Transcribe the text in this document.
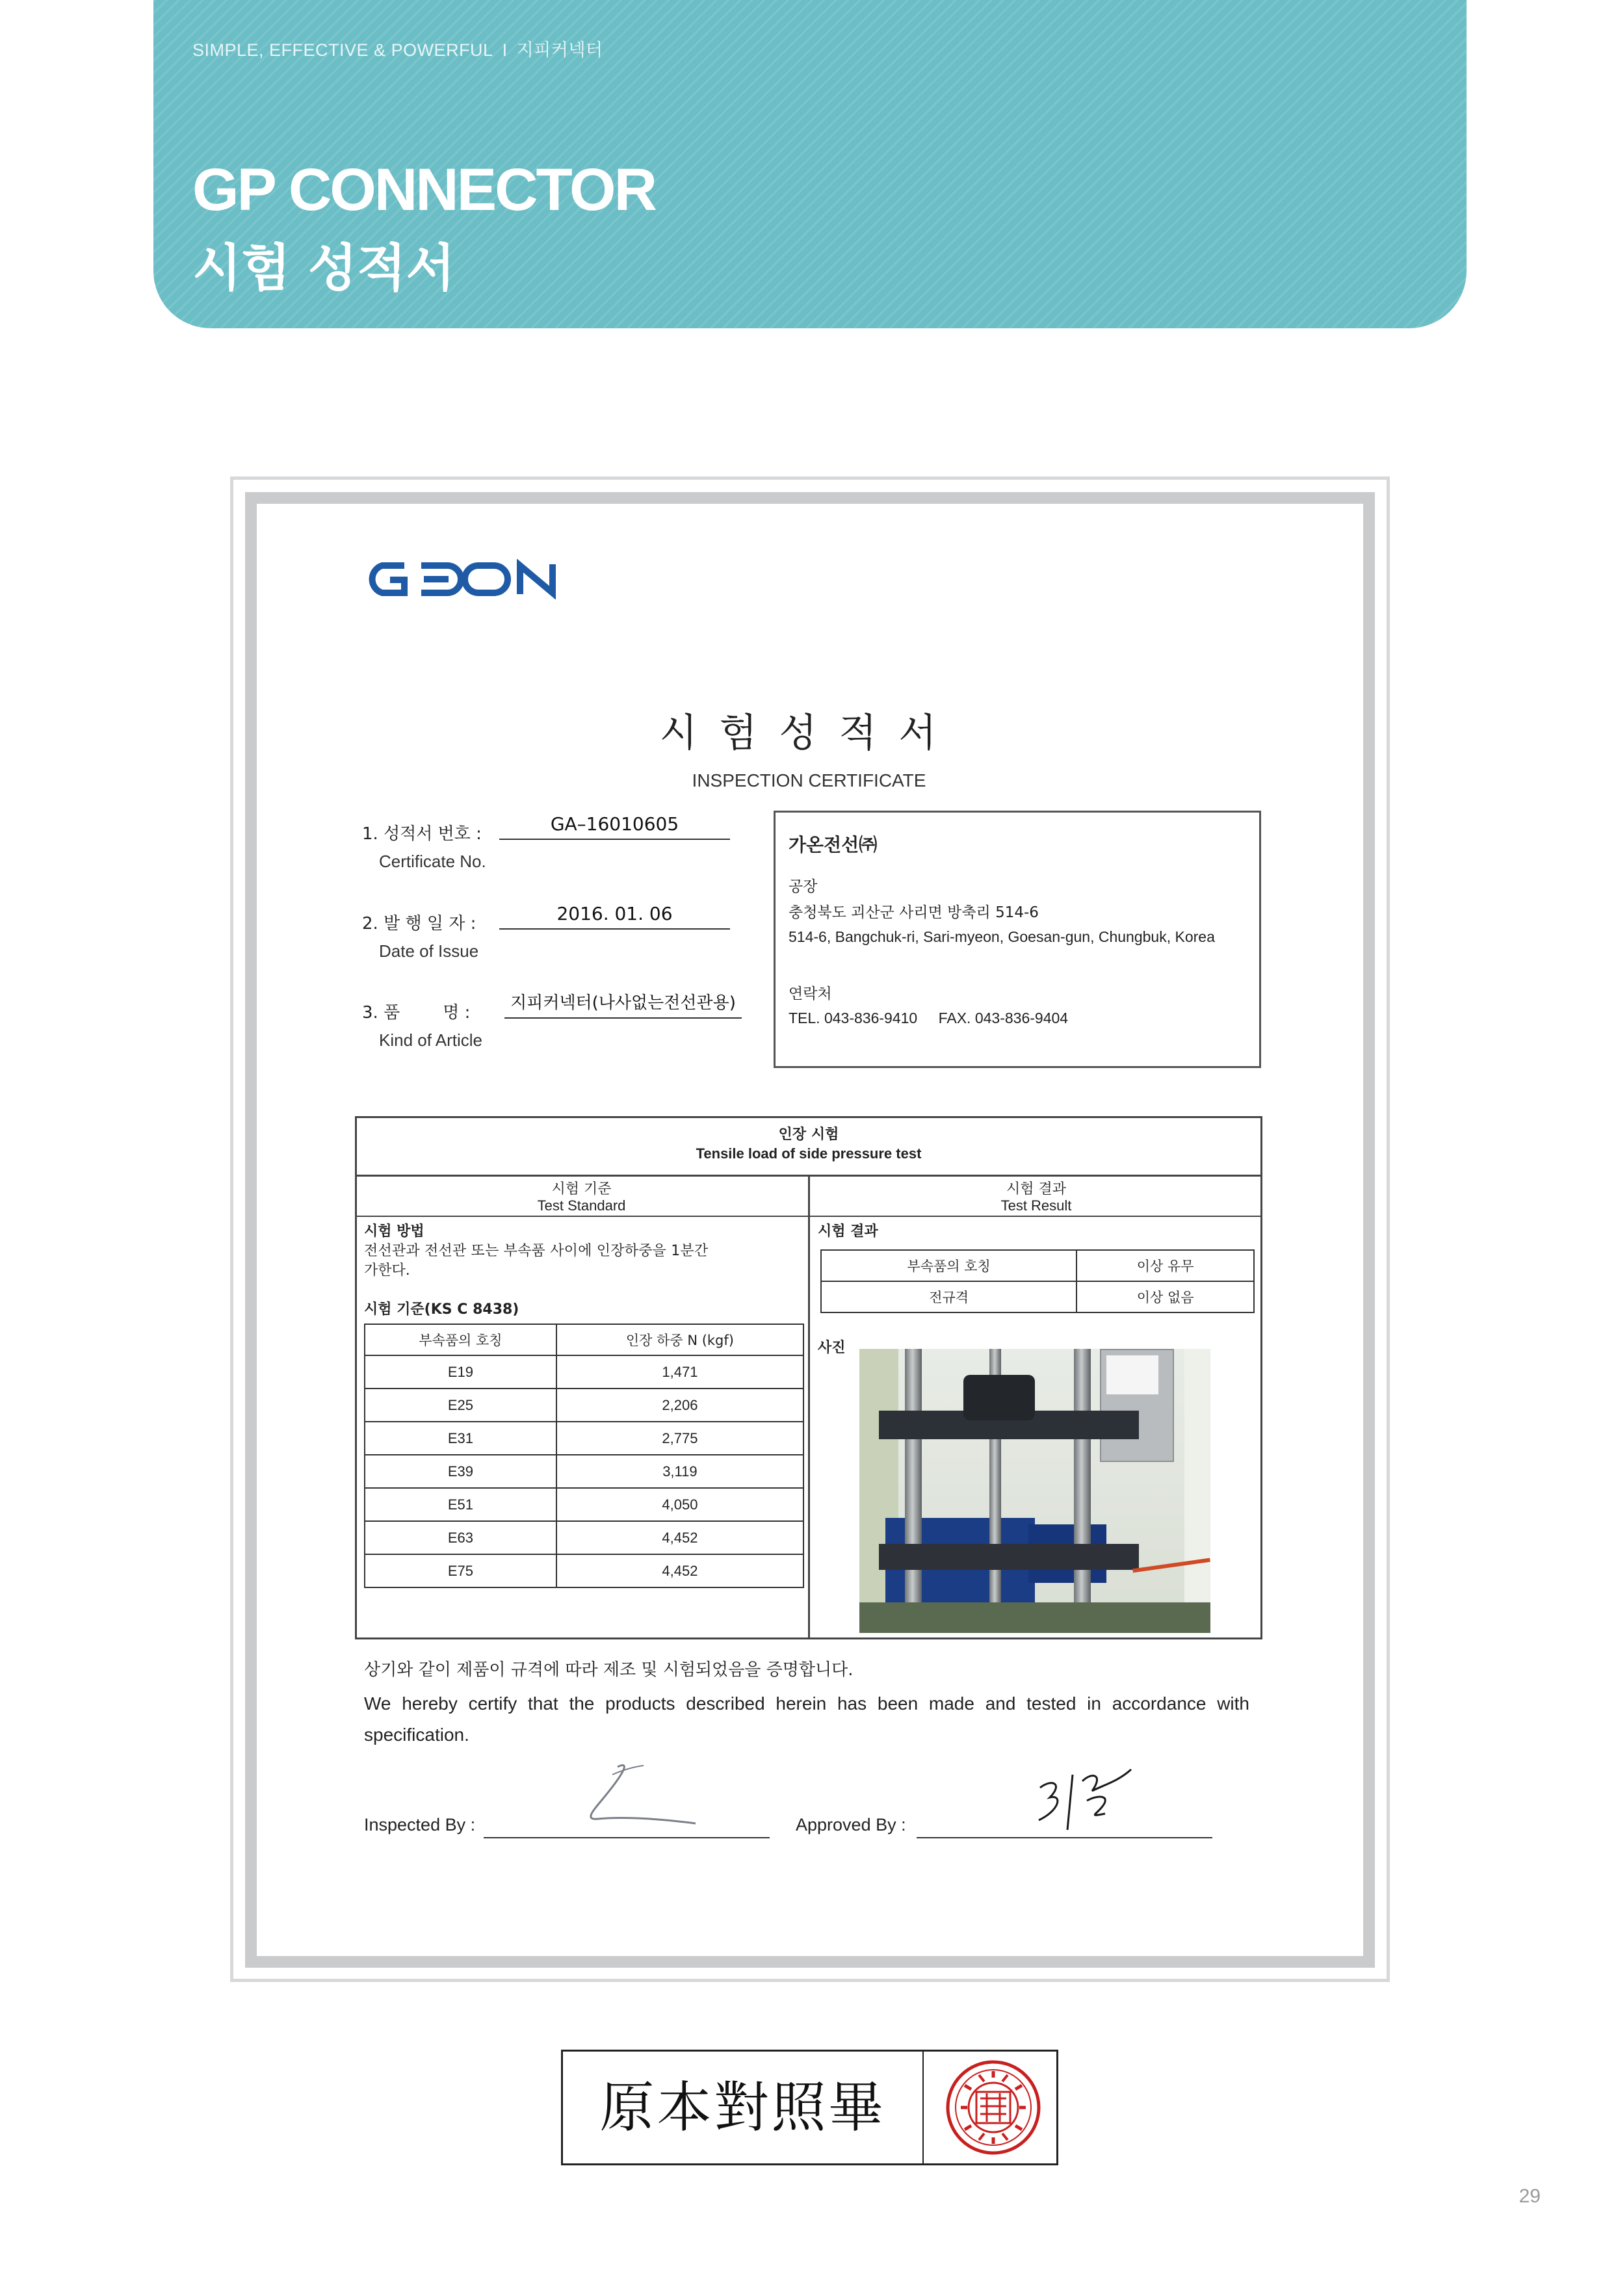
SIMPLE, EFFECTIVE & POWERFUL I 지피커넥터
GP CONNECTOR
시험 성적서
GAON
시험성적서
INSPECTION CERTIFICATE
1. 성적서 번호 :	GA–16010605
Certificate No.
2. 발 행 일 자 :	2016. 01. 06
Date of Issue
3. 품        명 :	지피커넥터(나사없는전선관용)
Kind of Article
가온전선㈜
공장
충청북도 괴산군 사리면 방축리 514-6
514-6, Bangchuk-ri, Sari-myeon, Goesan-gun, Chungbuk, Korea
연락처
TEL. 043-836-9410 FAX. 043-836-9404
인장 시험
Tensile load of side pressure test
시험 기준
Test Standard
시험 결과
Test Result
시험 방법
전선관과 전선관 또는 부속품 사이에 인장하중을 1분간
가한다.
시험 기준(KS C 8438)
부속품의 호칭	인장 하중 N (kgf)
E19	1,471
E25	2,206
E31	2,775
E39	3,119
E51	4,050
E63	4,452
E75	4,452
시험 결과
부속품의 호칭	이상 유무
전규격	이상 없음
사진
상기와 같이 제품이 규격에 따라 제조 및 시험되었음을 증명합니다.
We hereby certify that the products described herein has been made and tested in accordance with specification.
Inspected By :	Approved By :
原本對照畢
29
